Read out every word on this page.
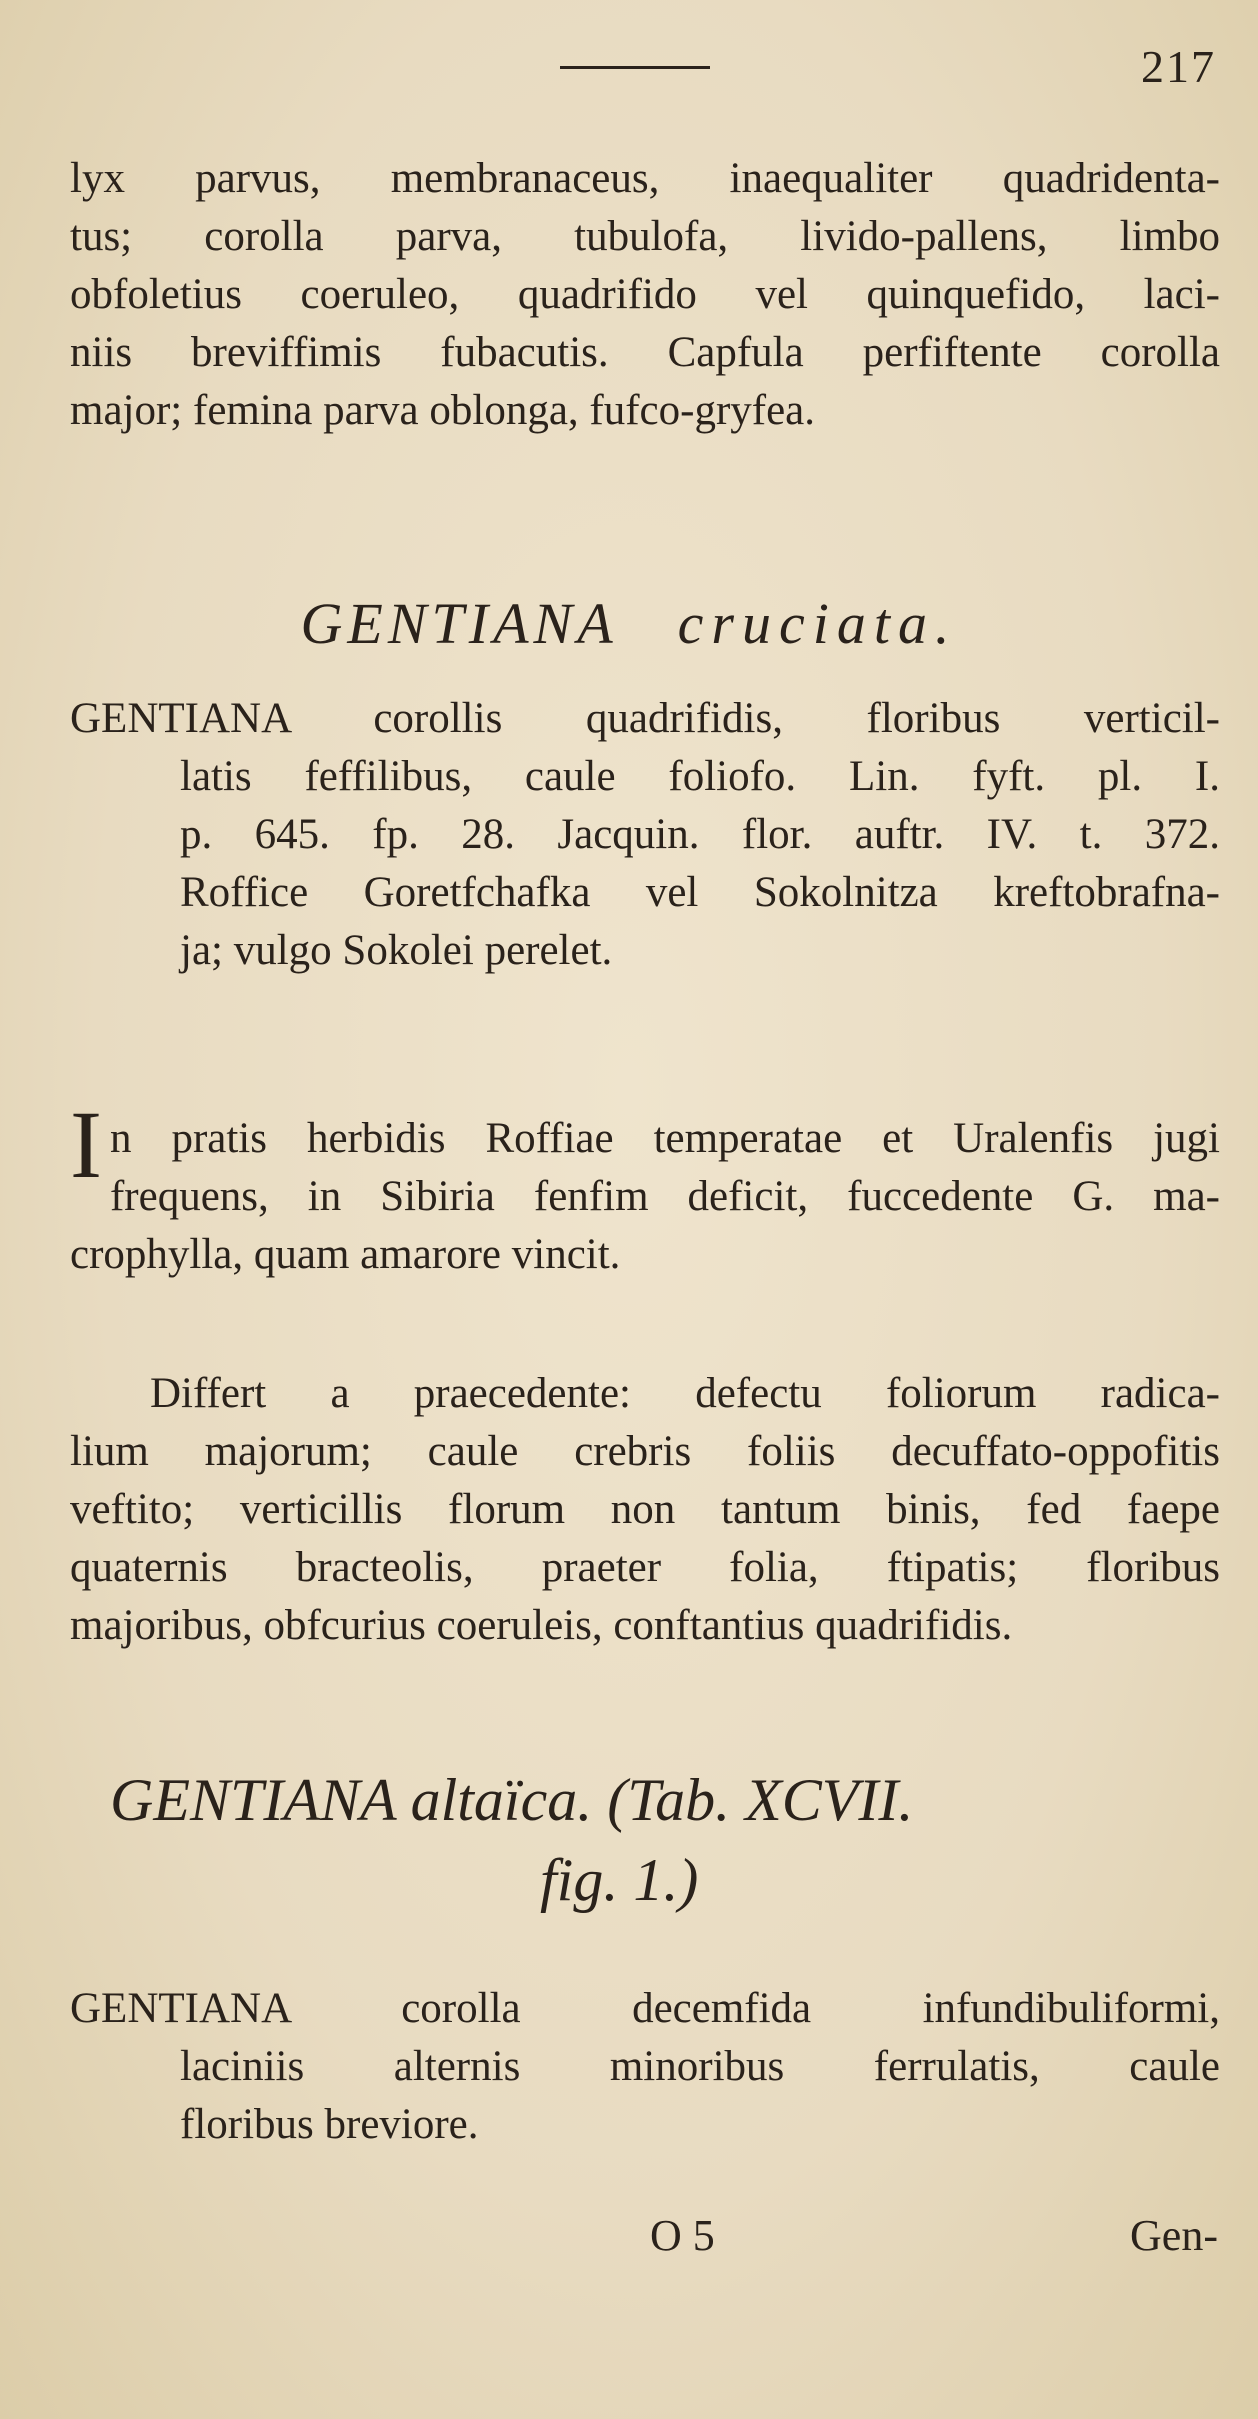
217
lyx parvus, membranaceus, inaequaliter quadridenta-
tus; corolla parva, tubulofa, livido-pallens, limbo
obfoletius coeruleo, quadrifido vel quinquefido, laci-
niis breviffimis fubacutis. Capfula perfiftente corolla
major; femina parva oblonga, fufco-gryfea.
GENTIANA cruciata.
GENTIANA corollis quadrifidis, floribus verticil-
latis feffilibus, caule foliofo. Lin. fyft. pl. I.
p. 645. fp. 28. Jacquin. flor. auftr. IV. t. 372.
Roffice Goretfchafka vel Sokolnitza kreftobrafna-
ja; vulgo Sokolei perelet.
I n pratis herbidis Roffiae temperatae et Uralenfis jugi
frequens, in Sibiria fenfim deficit, fuccedente G. ma-
crophylla, quam amarore vincit.
Differt a praecedente: defectu foliorum radica-
lium majorum; caule crebris foliis decuffato-oppofitis
veftito; verticillis florum non tantum binis, fed faepe
quaternis bracteolis, praeter folia, ftipatis; floribus
majoribus, obfcurius coeruleis, conftantius quadrifidis.
GENTIANA altaïca. (Tab. XCVII.
fig. 1.)
GENTIANA corolla decemfida infundibuliformi,
laciniis alternis minoribus ferrulatis, caule
floribus breviore.
O 5	Gen-
